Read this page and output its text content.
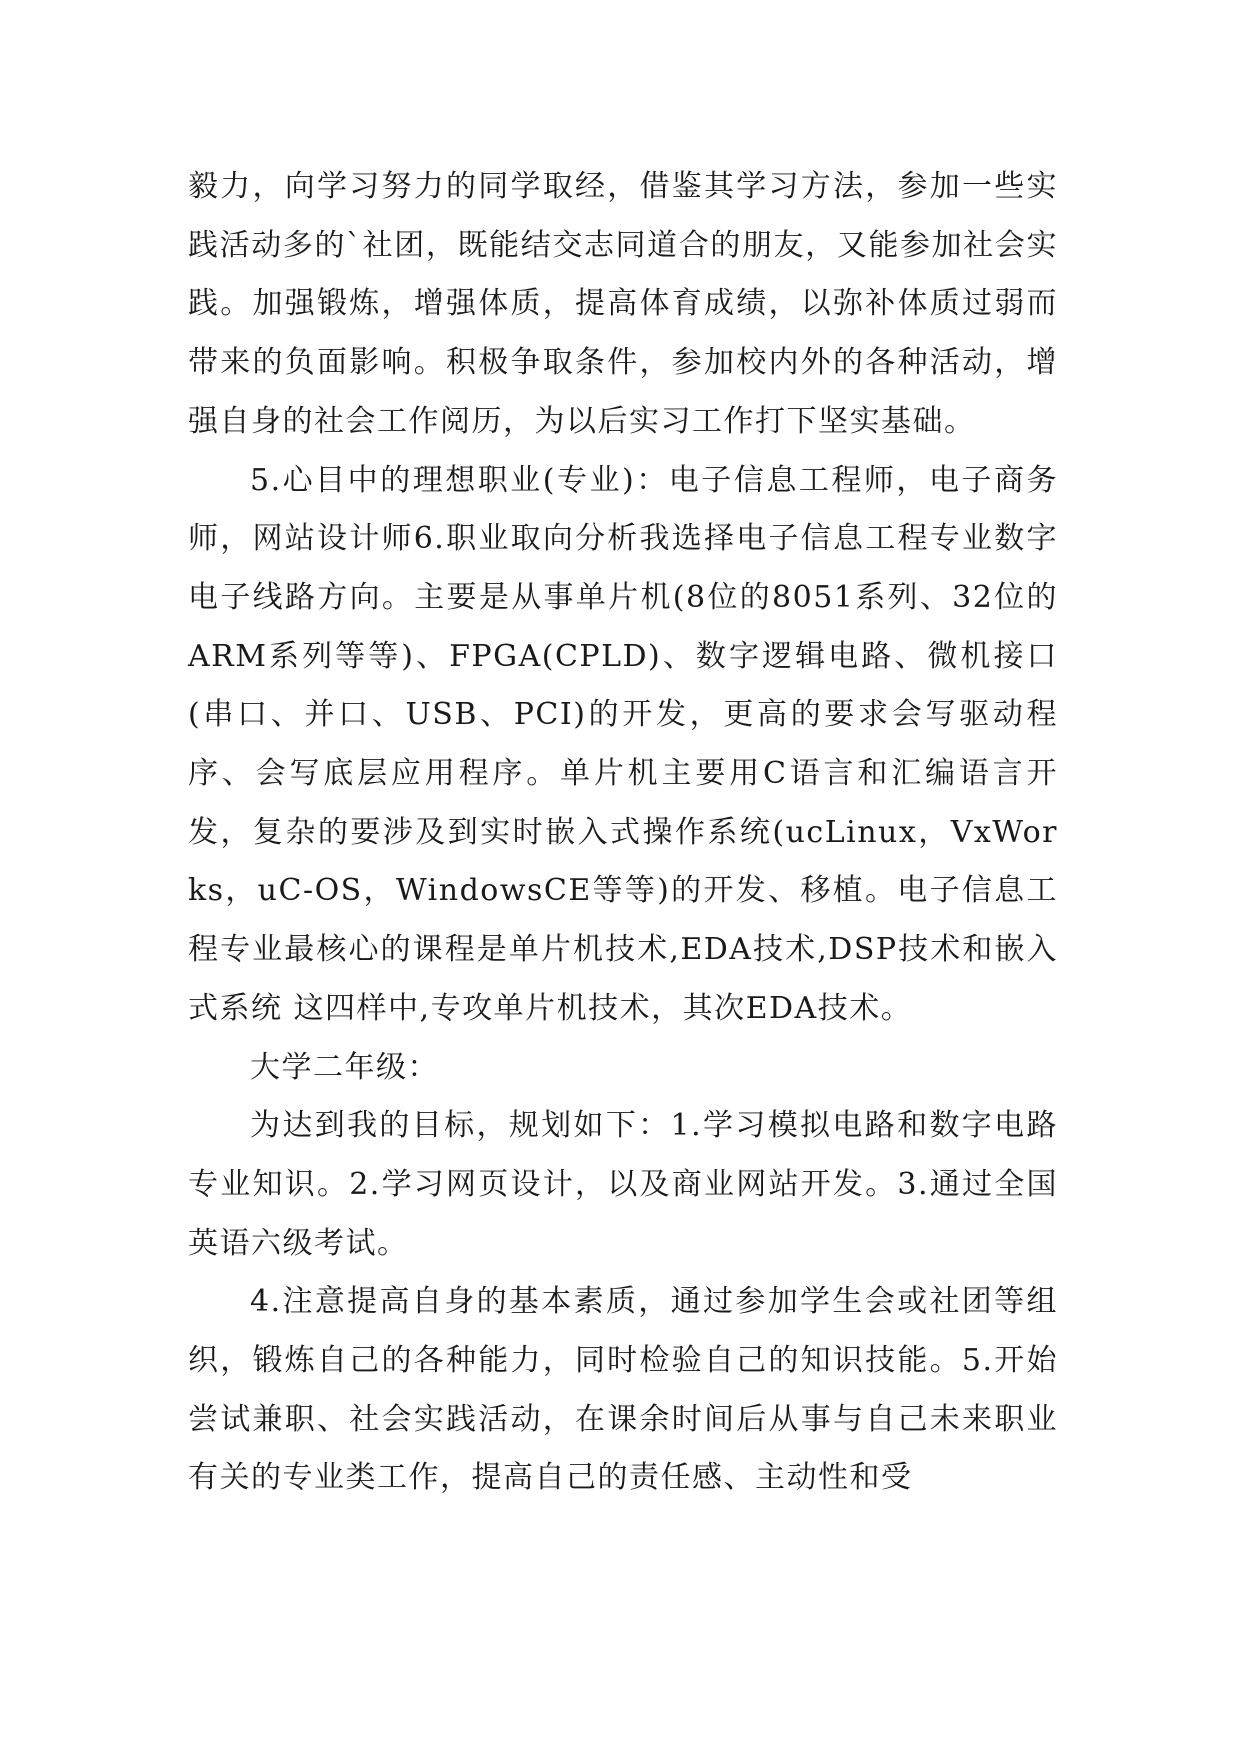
毅力，向学习努力的同学取经，借鉴其学习方法，参加一些实践活动多的`社团，既能结交志同道合的朋友，又能参加社会实践。加强锻炼，增强体质，提高体育成绩，以弥补体质过弱而带来的负面影响。积极争取条件，参加校内外的各种活动，增强自身的社会工作阅历，为以后实习工作打下坚实基础。

5.心目中的理想职业(专业)：电子信息工程师，电子商务师，网站设计师6.职业取向分析我选择电子信息工程专业数字电子线路方向。主要是从事单片机(8位的8051系列、32位的ARM系列等等)、FPGA(CPLD)、数字逻辑电路、微机接口(串口、并口、USB、PCI)的开发，更高的要求会写驱动程序、会写底层应用程序。单片机主要用C语言和汇编语言开发，复杂的要涉及到实时嵌入式操作系统(ucLinux，VxWorks，uC-OS，WindowsCE等等)的开发、移植。电子信息工程专业最核心的课程是单片机技术,EDA技术,DSP技术和嵌入式系统 这四样中,专攻单片机技术，其次EDA技术。

大学二年级：

为达到我的目标，规划如下：1.学习模拟电路和数字电路专业知识。2.学习网页设计，以及商业网站开发。3.通过全国英语六级考试。

4.注意提高自身的基本素质，通过参加学生会或社团等组织，锻炼自己的各种能力，同时检验自己的知识技能。5.开始尝试兼职、社会实践活动，在课余时间后从事与自己未来职业有关的专业类工作，提高自己的责任感、主动性和受
